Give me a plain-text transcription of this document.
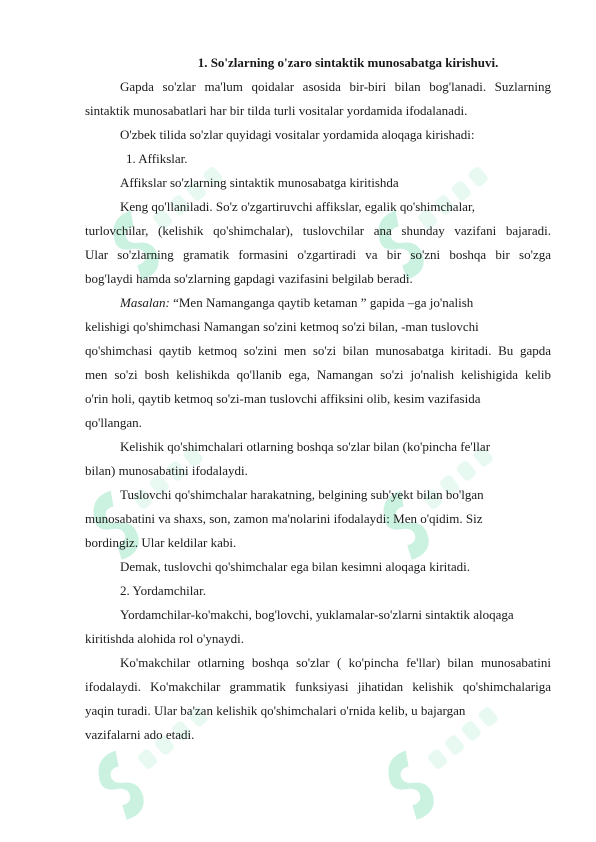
1. So'zlarning o'zaro sintaktik munosabatga kirishuvi.
Gapda so'zlar ma'lum qoidalar asosida bir-biri bilan bog'lanadi. Suzlarning
sintaktik munosabatlari har bir tilda turli vositalar yordamida ifodalanadi.
O'zbek tilida so'zlar quyidagi vositalar yordamida aloqaga kirishadi:
1. Affikslar.
Affikslar so'zlarning sintaktik munosabatga kiritishda
Keng qo'llaniladi. So'z o'zgartiruvchi affikslar, egalik qo'shimchalar,
turlovchilar, (kelishik qo'shimchalar), tuslovchilar ana shunday vazifani bajaradi.
Ular so'zlarning gramatik formasini o'zgartiradi va bir so'zni boshqa bir so'zga
bog'laydi hamda so'zlarning gapdagi vazifasini belgilab beradi.
Masalan: “Men Namanganga qaytib ketaman ” gapida –ga jo'nalish
kelishigi qo'shimchasi Namangan so'zini ketmoq so'zi bilan, -man tuslovchi
qo'shimchasi qaytib ketmoq so'zini men so'zi bilan munosabatga kiritadi. Bu gapda
men so'zi bosh kelishikda qo'llanib ega, Namangan so'zi jo'nalish kelishigida kelib
o'rin holi, qaytib ketmoq so'zi-man tuslovchi affiksini olib, kesim vazifasida
qo'llangan.
Kelishik qo'shimchalari otlarning boshqa so'zlar bilan (ko'pincha fe'llar
bilan) munosabatini ifodalaydi.
Tuslovchi qo'shimchalar harakatning, belgining sub'yekt bilan bo'lgan
munosabatini va shaxs, son, zamon ma'nolarini ifodalaydi: Men o'qidim. Siz
bordingiz. Ular keldilar kabi.
Demak, tuslovchi qo'shimchalar ega bilan kesimni aloqaga kiritadi.
2. Yordamchilar.
Yordamchilar-ko'makchi, bog'lovchi, yuklamalar-so'zlarni sintaktik aloqaga
kiritishda alohida rol o'ynaydi.
Ko'makchilar otlarning boshqa so'zlar ( ko'pincha fe'llar) bilan munosabatini
ifodalaydi. Ko'makchilar grammatik funksiyasi jihatidan kelishik qo'shimchalariga
yaqin turadi. Ular ba'zan kelishik qo'shimchalari o'rnida kelib, u bajargan
vazifalarni ado etadi.
